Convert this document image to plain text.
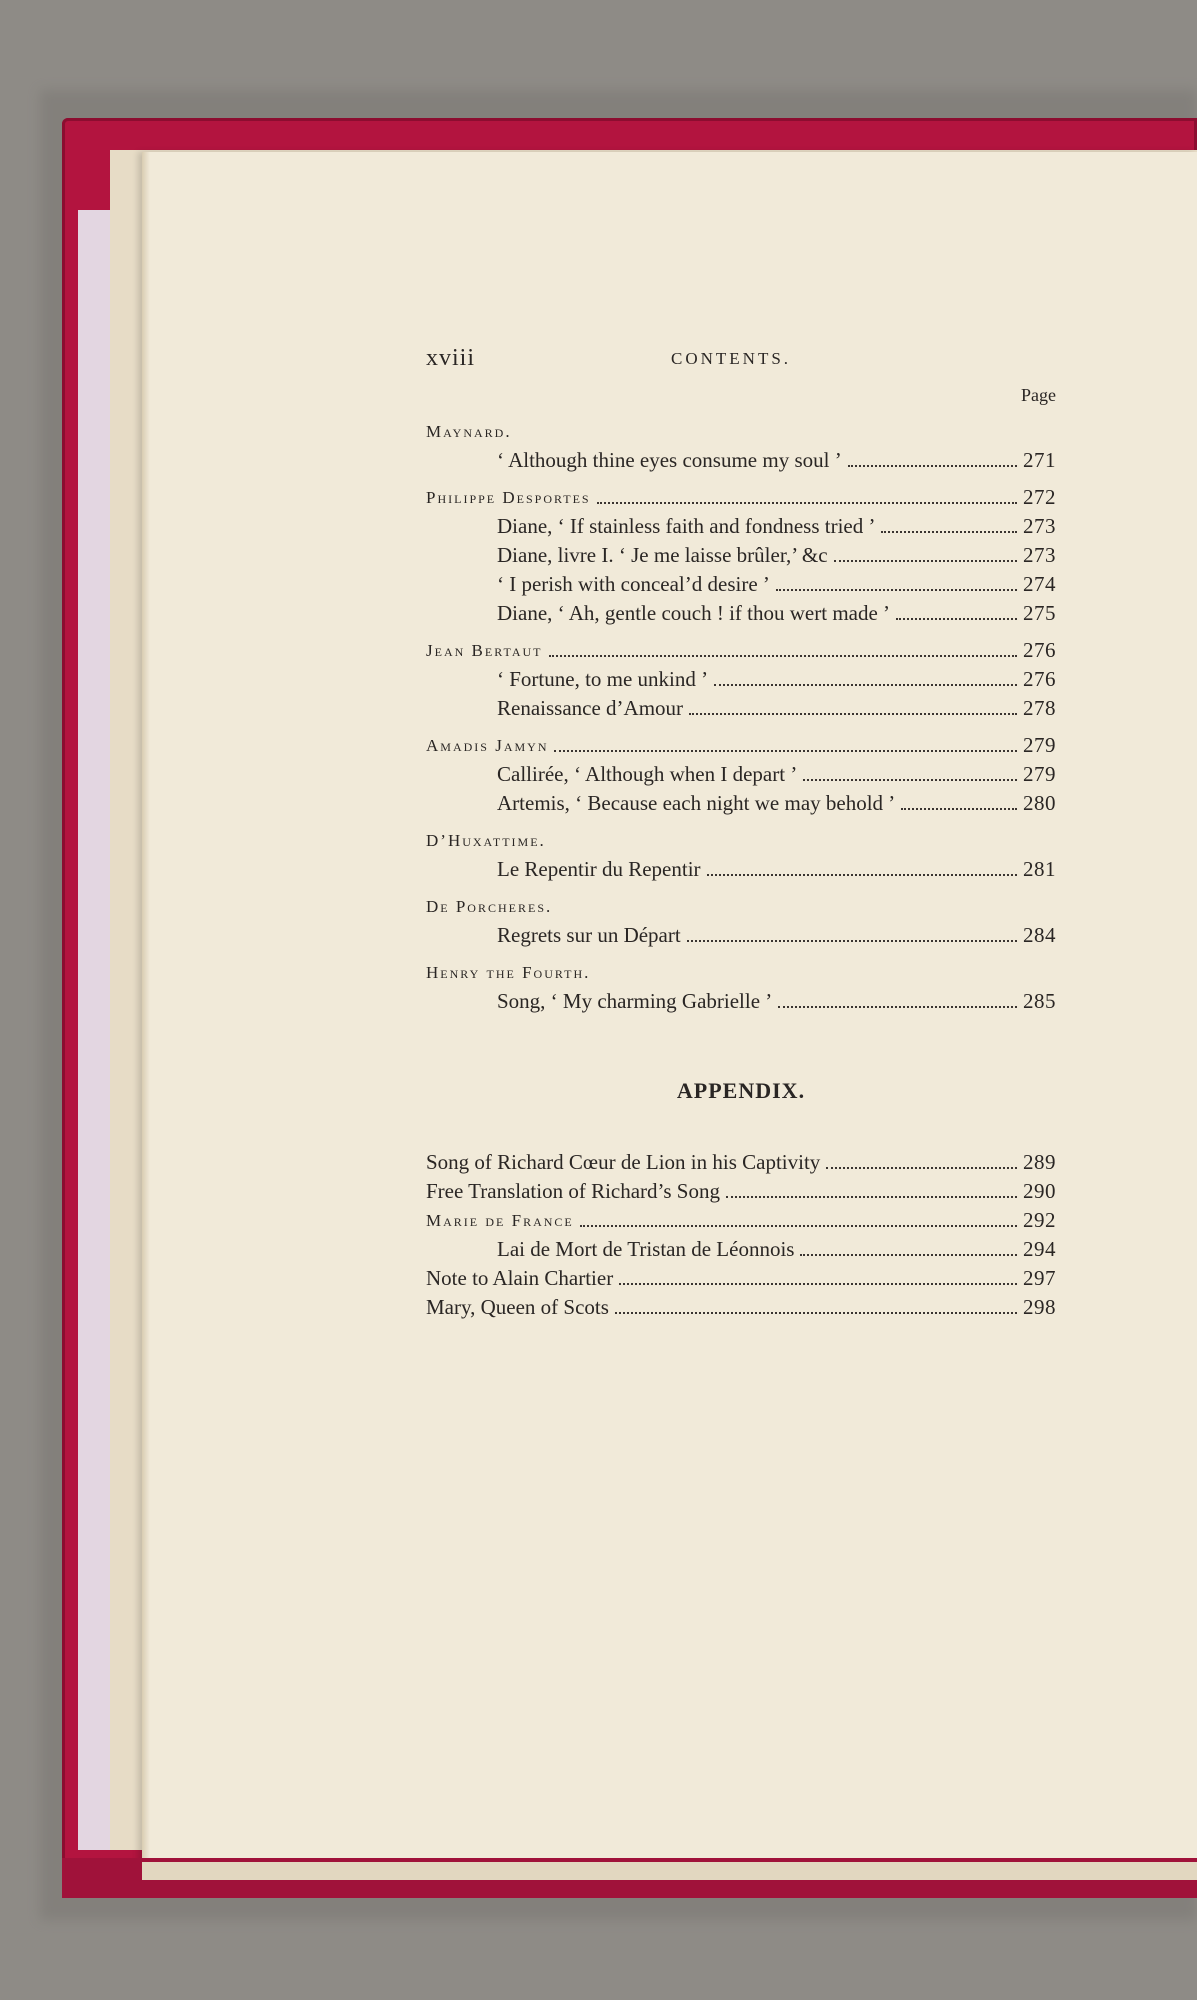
xviii	CONTENTS.
Page
Maynard.
‘ Although thine eyes consume my soul ’	271
Philippe Desportes	272
Diane, ‘ If stainless faith and fondness tried ’	273
Diane, livre I. ‘ Je me laisse brûler,’ &c	273
‘ I perish with conceal’d desire ’	274
Diane, ‘ Ah, gentle couch ! if thou wert made ’	275
Jean Bertaut	276
‘ Fortune, to me unkind ’	276
Renaissance d’Amour	278
Amadis Jamyn	279
Callirée, ‘ Although when I depart ’	279
Artemis, ‘ Because each night we may behold ’	280
D’Huxattime.
Le Repentir du Repentir	281
De Porcheres.
Regrets sur un Départ	284
Henry the Fourth.
Song, ‘ My charming Gabrielle ’	285
APPENDIX.
Song of Richard Cœur de Lion in his Captivity	289
Free Translation of Richard’s Song	290
Marie de France	292
Lai de Mort de Tristan de Léonnois	294
Note to Alain Chartier	297
Mary, Queen of Scots	298
